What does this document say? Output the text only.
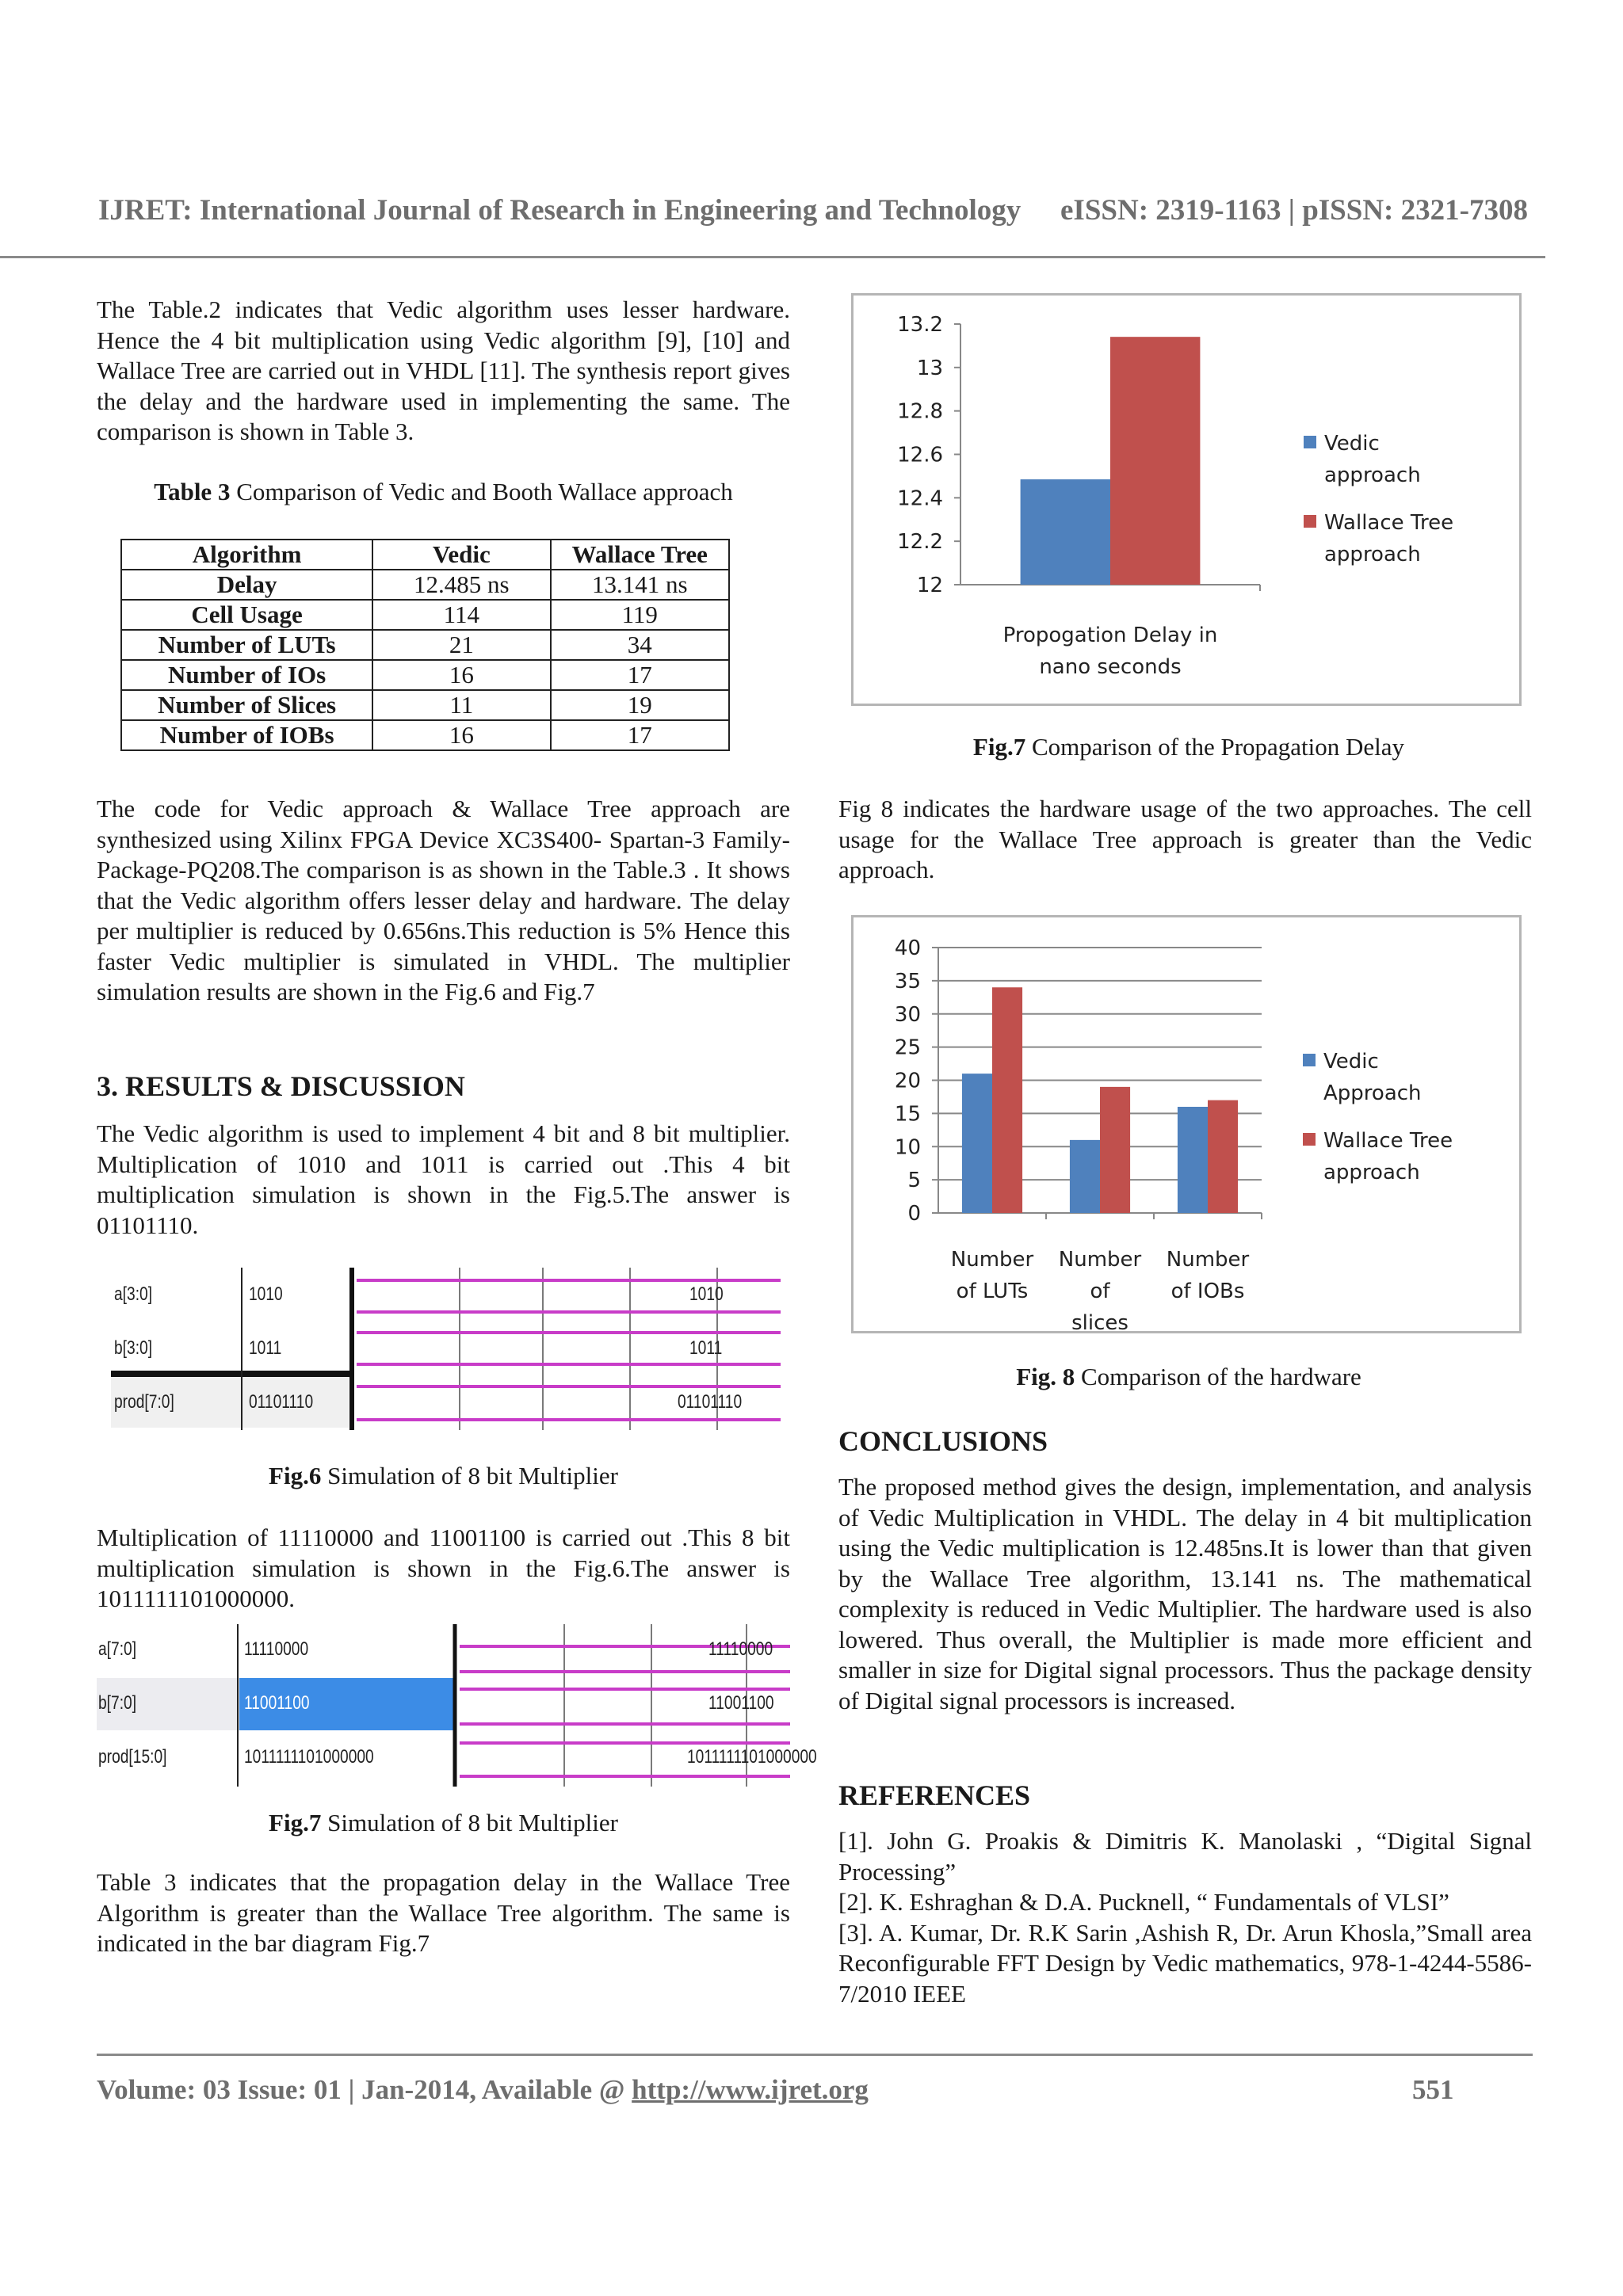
IJRET: International Journal of Research in Engineering and Technology eISSN: 2319-1163 | pISSN: 2321-7308
The Table.2 indicates that Vedic algorithm uses lesser hardware. Hence the 4 bit multiplication using Vedic algorithm [9], [10] and Wallace Tree are carried out in VHDL [11]. The synthesis report gives the delay and the hardware used in implementing the same. The comparison is shown in Table 3.
Table 3 Comparison of Vedic and Booth Wallace approach
Algorithm	Vedic	Wallace Tree
Delay	12.485 ns	13.141 ns
Cell Usage	114	119
Number of LUTs	21	34
Number of IOs	16	17
Number of Slices	11	19
Number of IOBs	16	17
The code for Vedic approach & Wallace Tree approach are synthesized using Xilinx FPGA Device XC3S400- Spartan-3 Family-Package-PQ208.The comparison is as shown in the Table.3 . It shows that the Vedic algorithm offers lesser delay and hardware. The delay per multiplier is reduced by 0.656ns.This reduction is 5% Hence this faster Vedic multiplier is simulated in VHDL. The multiplier simulation results are shown in the Fig.6 and Fig.7
3. RESULTS & DISCUSSION
The Vedic algorithm is used to implement 4 bit and 8 bit multiplier. Multiplication of 1010 and 1011 is carried out .This 4 bit multiplication simulation is shown in the Fig.5.The answer is 01101110.
a[3:0]	1010	1010
b[3:0]	1011	1011
prod[7:0]	01101110	01101110
Fig.6 Simulation of 8 bit Multiplier
Multiplication of 11110000 and 11001100 is carried out .This 8 bit multiplication simulation is shown in the Fig.6.The answer is 1011111101000000.
a[7:0]	11110000	11110000
b[7:0]	11001100	11001100
prod[15:0]	1011111101000000	1011111101000000
Fig.7 Simulation of 8 bit Multiplier
Table 3 indicates that the propagation delay in the Wallace Tree Algorithm is greater than the Wallace Tree algorithm. The same is indicated in the bar diagram Fig.7
12
12.2
12.4
12.6
12.8
13
13.2
Propogation Delay in
nano seconds
Vedic
approach
Wallace Tree
approach
Fig.7 Comparison of the Propagation Delay
Fig 8 indicates the hardware usage of the two approaches. The cell usage for the Wallace Tree approach is greater than the Vedic approach.
0
5
10
15
20
25
30
35
40
Number
of LUTs
Number
of
slices
Number
of IOBs
Vedic
Approach
Wallace Tree
approach
Fig. 8 Comparison of the hardware
CONCLUSIONS
The proposed method gives the design, implementation, and analysis of Vedic Multiplication in VHDL. The delay in 4 bit multiplication using the Vedic multiplication is 12.485ns.It is lower than that given by the Wallace Tree algorithm, 13.141 ns. The mathematical complexity is reduced in Vedic Multiplier. The hardware used is also lowered. Thus overall, the Multiplier is made more efficient and smaller in size for Digital signal processors. Thus the package density of Digital signal processors is increased.
REFERENCES
[1]. John G. Proakis & Dimitris K. Manolaski , “Digital Signal Processing”
[2]. K. Eshraghan & D.A. Pucknell, “ Fundamentals of VLSI”
[3]. A. Kumar, Dr. R.K Sarin ,Ashish R, Dr. Arun Khosla,”Small area Reconfigurable FFT Design by Vedic mathematics, 978-1-4244-5586- 7/2010 IEEE
Volume: 03 Issue: 01 | Jan-2014, Available @ http://www.ijret.org	551
